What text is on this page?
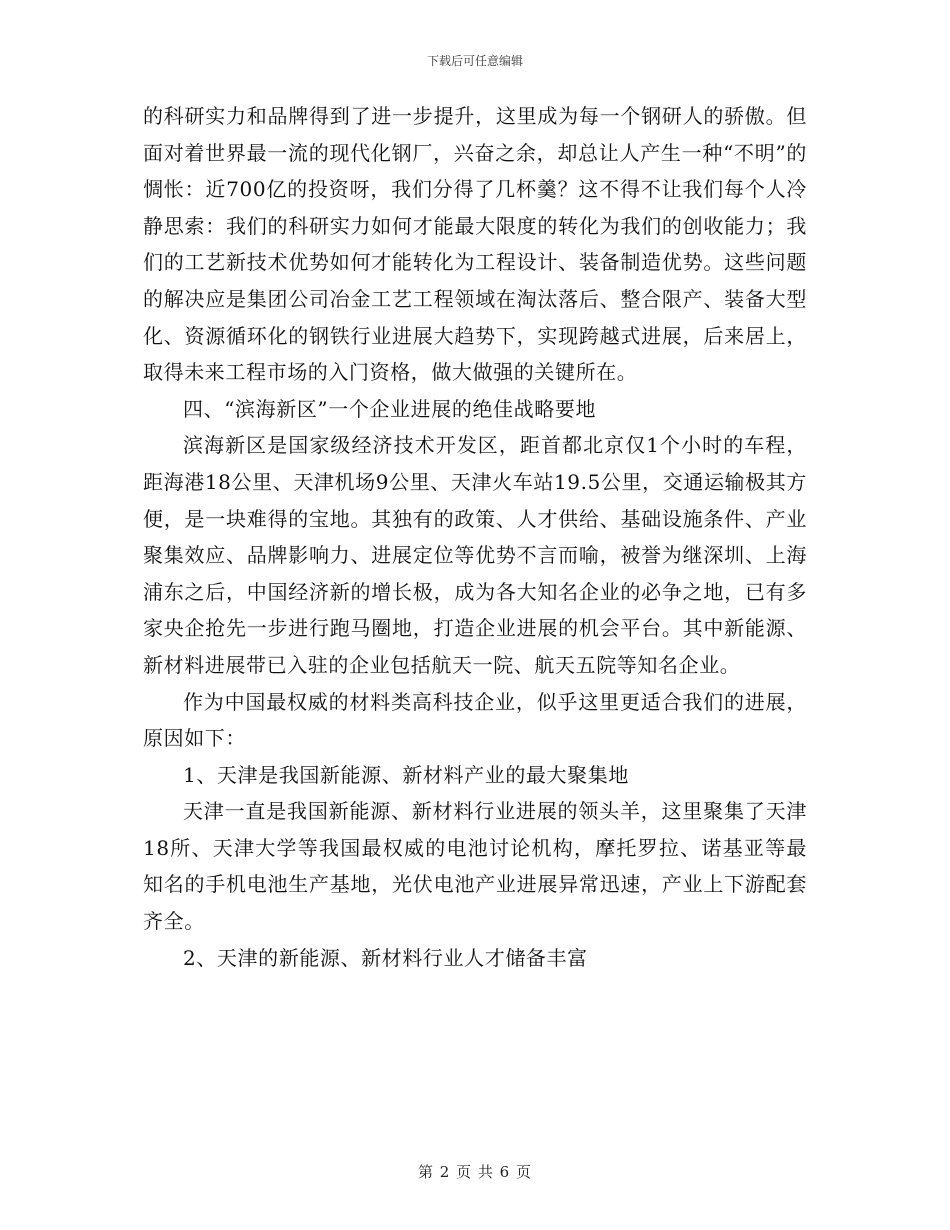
下载后可任意编辑

的科研实力和品牌得到了进一步提升，这里成为每一个钢研人的骄傲。但面对着世界最一流的现代化钢厂，兴奋之余，却总让人产生一种“不明”的惆怅：近700亿的投资呀，我们分得了几杯羹？这不得不让我们每个人冷静思索：我们的科研实力如何才能最大限度的转化为我们的创收能力；我们的工艺新技术优势如何才能转化为工程设计、装备制造优势。这些问题的解决应是集团公司冶金工艺工程领域在淘汰落后、整合限产、装备大型化、资源循环化的钢铁行业进展大趋势下，实现跨越式进展，后来居上，取得未来工程市场的入门资格，做大做强的关键所在。

四、“滨海新区”一个企业进展的绝佳战略要地

滨海新区是国家级经济技术开发区，距首都北京仅1个小时的车程，距海港18公里、天津机场9公里、天津火车站19.5公里，交通运输极其方便，是一块难得的宝地。其独有的政策、人才供给、基础设施条件、产业聚集效应、品牌影响力、进展定位等优势不言而喻，被誉为继深圳、上海浦东之后，中国经济新的增长极，成为各大知名企业的必争之地，已有多家央企抢先一步进行跑马圈地，打造企业进展的机会平台。其中新能源、新材料进展带已入驻的企业包括航天一院、航天五院等知名企业。

作为中国最权威的材料类高科技企业，似乎这里更适合我们的进展，原因如下：

1、天津是我国新能源、新材料产业的最大聚集地

天津一直是我国新能源、新材料行业进展的领头羊，这里聚集了天津18所、天津大学等我国最权威的电池讨论机构，摩托罗拉、诺基亚等最知名的手机电池生产基地，光伏电池产业进展异常迅速，产业上下游配套齐全。

2、天津的新能源、新材料行业人才储备丰富

第 2 页 共 6 页
